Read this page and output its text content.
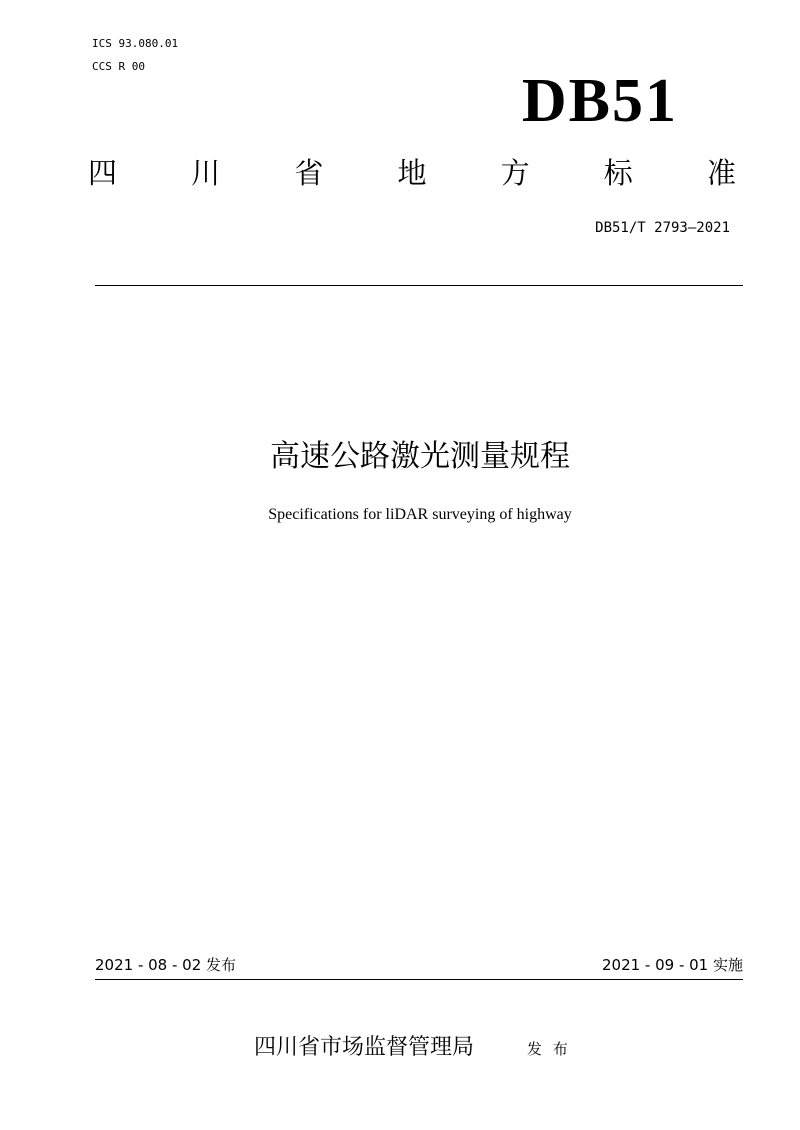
ICS 93.080.01
CCS R 00
DB51
四	川	省	地	方	标	准
DB51/T 2793—2021
高速公路激光测量规程
Specifications for liDAR surveying of highway
2021 - 08 - 02 发布	2021 - 09 - 01 实施
四川省市场监督管理局	发 布
